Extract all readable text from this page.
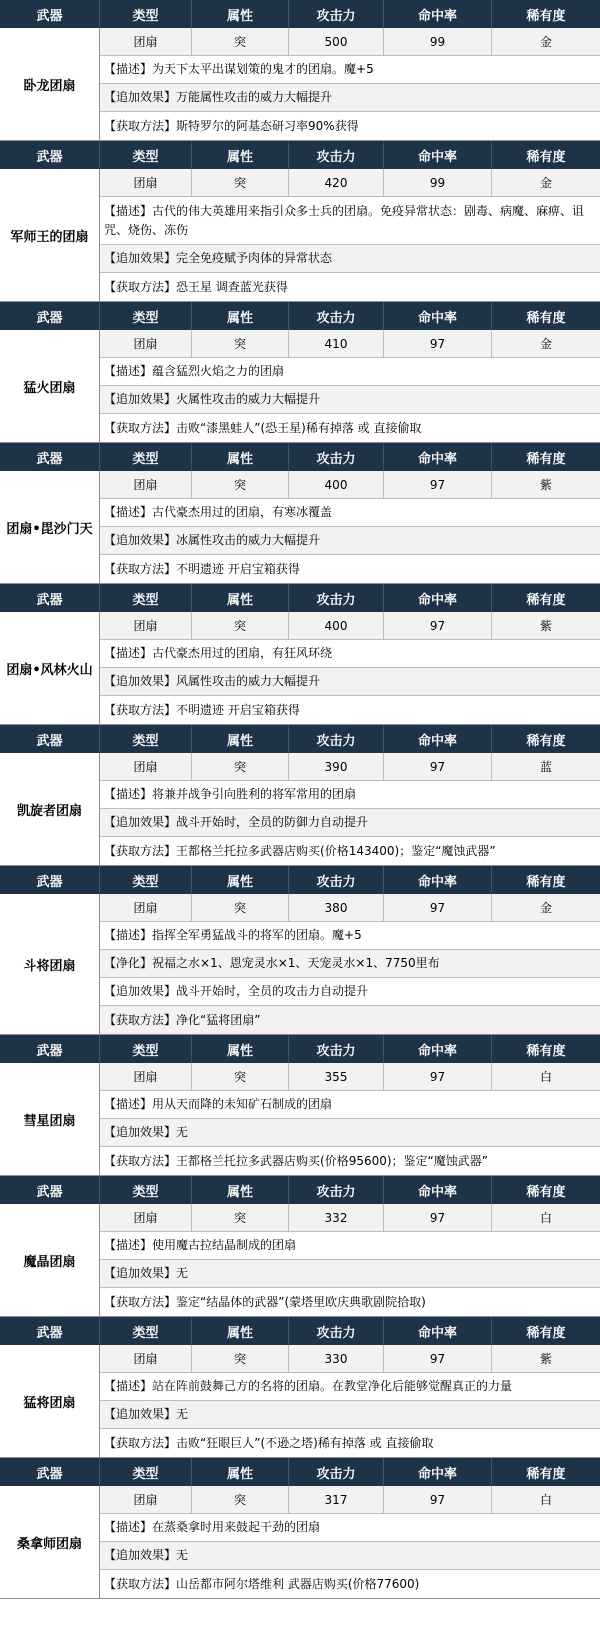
武器	类型	属性	攻击力	命中率	稀有度
卧龙团扇
团扇	突	500	99	金
【描述】为天下太平出谋划策的鬼才的团扇。魔+5
【追加效果】万能属性攻击的威力大幅提升
【获取方法】斯特罗尔的阿基态研习率90%获得
武器	类型	属性	攻击力	命中率	稀有度
军师王的团扇
团扇	突	420	99	金
【描述】古代的伟大英雄用来指引众多士兵的团扇。免疫异常状态：剧毒、病魔、麻痹、诅咒、烧伤、冻伤
【追加效果】完全免疫赋予肉体的异常状态
【获取方法】恐王星 调查蓝光获得
武器	类型	属性	攻击力	命中率	稀有度
猛火团扇
团扇	突	410	97	金
【描述】蕴含猛烈火焰之力的团扇
【追加效果】火属性攻击的威力大幅提升
【获取方法】击败“漆黑蛙人”(恐王星)稀有掉落 或 直接偷取
武器	类型	属性	攻击力	命中率	稀有度
团扇•毘沙门天
团扇	突	400	97	紫
【描述】古代豪杰用过的团扇，有寒冰覆盖
【追加效果】冰属性攻击的威力大幅提升
【获取方法】不明遗迹 开启宝箱获得
武器	类型	属性	攻击力	命中率	稀有度
团扇•风林火山
团扇	突	400	97	紫
【描述】古代豪杰用过的团扇，有狂风环绕
【追加效果】风属性攻击的威力大幅提升
【获取方法】不明遗迹 开启宝箱获得
武器	类型	属性	攻击力	命中率	稀有度
凯旋者团扇
团扇	突	390	97	蓝
【描述】将兼并战争引向胜利的将军常用的团扇
【追加效果】战斗开始时，全员的防御力自动提升
【获取方法】王都格兰托拉多武器店购买(价格143400)；鉴定“魔蚀武器”
武器	类型	属性	攻击力	命中率	稀有度
斗将团扇
团扇	突	380	97	金
【描述】指挥全军勇猛战斗的将军的团扇。魔+5
【净化】祝福之水×1、恩宠灵水×1、天宠灵水×1、7750里布
【追加效果】战斗开始时，全员的攻击力自动提升
【获取方法】净化“猛将团扇”
武器	类型	属性	攻击力	命中率	稀有度
彗星团扇
团扇	突	355	97	白
【描述】用从天而降的未知矿石制成的团扇
【追加效果】无
【获取方法】王都格兰托拉多武器店购买(价格95600)；鉴定“魔蚀武器”
武器	类型	属性	攻击力	命中率	稀有度
魔晶团扇
团扇	突	332	97	白
【描述】使用魔古拉结晶制成的团扇
【追加效果】无
【获取方法】鉴定“结晶体的武器”(蒙塔里欧庆典歌剧院拾取)
武器	类型	属性	攻击力	命中率	稀有度
猛将团扇
团扇	突	330	97	紫
【描述】站在阵前鼓舞己方的名将的团扇。在教堂净化后能够觉醒真正的力量
【追加效果】无
【获取方法】击败“狂眼巨人”(不逊之塔)稀有掉落 或 直接偷取
武器	类型	属性	攻击力	命中率	稀有度
桑拿师团扇
团扇	突	317	97	白
【描述】在蒸桑拿时用来鼓起干劲的团扇
【追加效果】无
【获取方法】山岳都市阿尔塔维利 武器店购买(价格77600)
